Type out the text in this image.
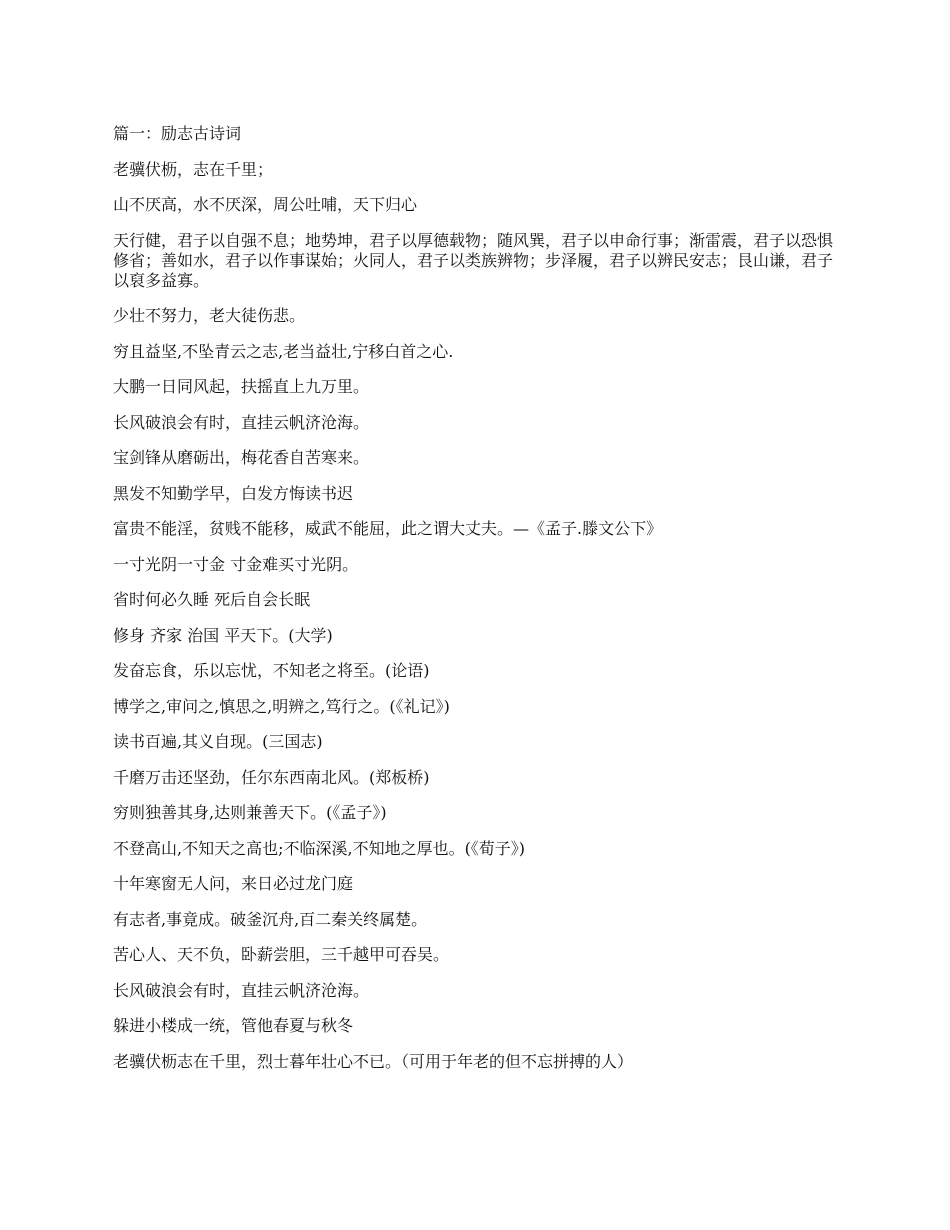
篇一：励志古诗词

老骥伏枥，志在千里；

山不厌高，水不厌深，周公吐哺，天下归心

天行健，君子以自强不息；地势坤，君子以厚德载物；随风巽，君子以申命行事；渐雷震，君子以恐惧修省；善如水，君子以作事谋始；火同人，君子以类族辨物；步泽履，君子以辨民安志；艮山谦，君子以裒多益寡。

少壮不努力，老大徒伤悲。

穷且益坚,不坠青云之志,老当益壮,宁移白首之心.

大鹏一日同风起，扶摇直上九万里。

长风破浪会有时，直挂云帆济沧海。

宝剑锋从磨砺出，梅花香自苦寒来。

黑发不知勤学早，白发方悔读书迟

富贵不能淫，贫贱不能移，威武不能屈，此之谓大丈夫。—《孟子.滕文公下》

一寸光阴一寸金 寸金难买寸光阴。

省时何必久睡 死后自会长眠

修身 齐家 治国 平天下。(大学)

发奋忘食，乐以忘忧，不知老之将至。(论语)

博学之,审问之,慎思之,明辨之,笃行之。(《礼记》)

读书百遍,其义自现。(三国志)

千磨万击还坚劲，任尔东西南北风。(郑板桥)

穷则独善其身,达则兼善天下。(《孟子》)

不登高山,不知天之高也;不临深溪,不知地之厚也。(《荀子》)

十年寒窗无人问，来日必过龙门庭

有志者,事竟成。破釜沉舟,百二秦关终属楚。

苦心人、天不负，卧薪尝胆，三千越甲可吞吴。

长风破浪会有时，直挂云帆济沧海。

躲进小楼成一统，管他春夏与秋冬

老骥伏枥志在千里，烈士暮年壮心不已。（可用于年老的但不忘拼搏的人）
